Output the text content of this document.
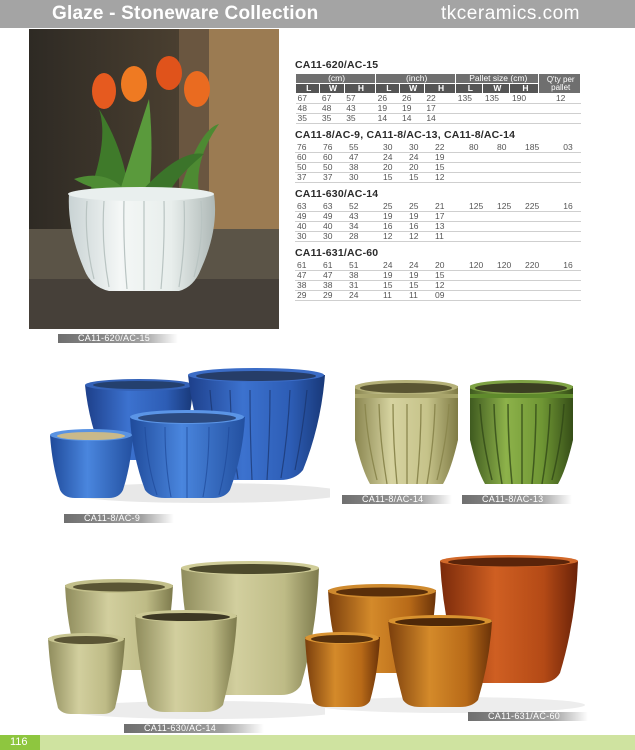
Glaze - Stoneware Collection	tkceramics.com
CA11-620/AC-15
CA11-620/AC-15
(cm)			(inch)			Pallet size (cm)			Q'ty per pallet
L	W	H	L	W	H	L	W	H	
67	67	57	26	26	22	135	135	190	12
48	48	43	19	19	17				
35	35	35	14	14	14				
CA11-8/AC-9, CA11-8/AC-13, CA11-8/AC-14
76	76	55	30	30	22	80	80	185	03
60	60	47	24	24	19				
50	50	38	20	20	15				
37	37	30	15	15	12				
CA11-630/AC-14
63	63	52	25	25	21	125	125	225	16
49	49	43	19	19	17				
40	40	34	16	16	13				
30	30	28	12	12	11				
CA11-631/AC-60
61	61	51	24	24	20	120	120	220	16
47	47	38	19	19	15				
38	38	31	15	15	12				
29	29	24	11	11	09				
CA11-8/AC-9
CA11-8/AC-14	CA11-8/AC-13
CA11-630/AC-14
CA11-631/AC-60
116
